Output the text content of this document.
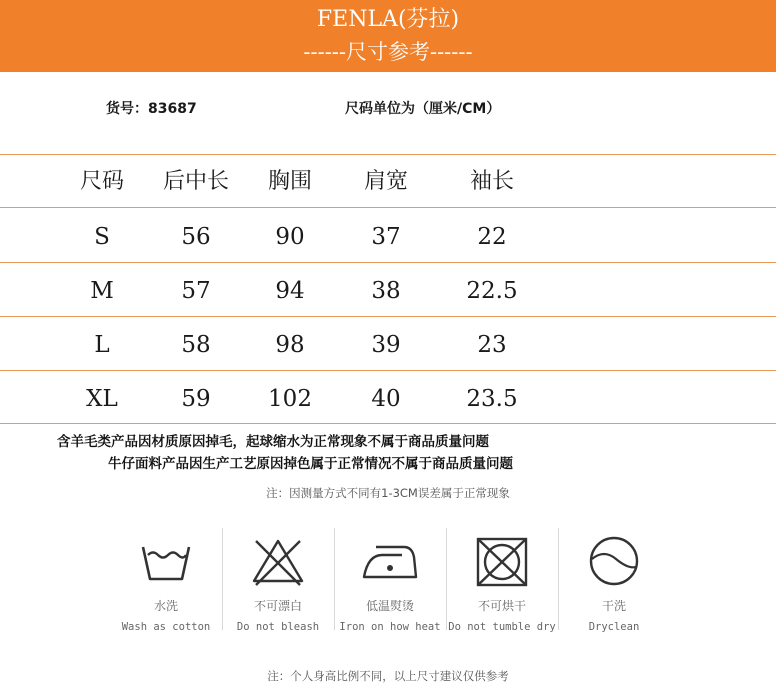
FENLA(芬拉)
------尺寸参考------
货号：83687	尺码单位为（厘米/CM）
尺码	后中长	胸围	肩宽	袖长
S	56	90	37	22
M	57	94	38	22.5
L	58	98	39	23
XL	59	102	40	23.5
含羊毛类产品因材质原因掉毛，起球缩水为正常现象不属于商品质量问题
牛仔面料产品因生产工艺原因掉色属于正常情况不属于商品质量问题
注：因测量方式不同有1-3CM误差属于正常现象
水洗
Wash as cotton
不可漂白
Do not bleash
低温熨烫
Iron on how heat
不可烘干
Do not tumble dry
干洗
Dryclean
注：个人身高比例不同，以上尺寸建议仅供参考
